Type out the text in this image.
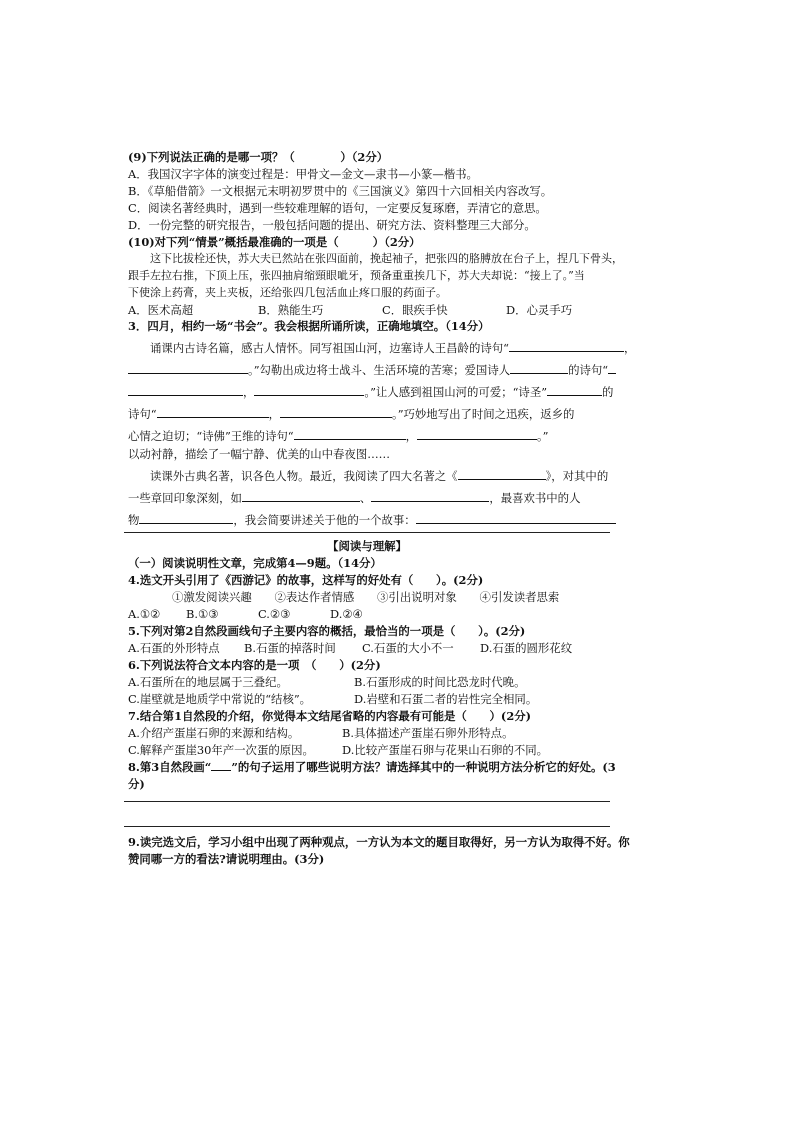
(9)下列说法正确的是哪一项？（　　　　）（2分）
A．我国汉字字体的演变过程是：甲骨文—金文—隶书—小篆—楷书。
B．《草船借箭》一文根据元末明初罗贯中的《三国演义》第四十六回相关内容改写。
C．阅读名著经典时，遇到一些较难理解的语句，一定要反复琢磨，弄清它的意思。
D．一份完整的研究报告，一般包括问题的提出、研究方法、资料整理三大部分。
(10)对下列“情景”概括最准确的一项是（　　　）（2分）
这下比拔栓还快，苏大夫已然站在张四面前，挽起袖子，把张四的胳膊放在台子上，捏几下骨头，
跟手左拉右推，下顶上压，张四抽肩缩頸眼呲牙，预备重重挨几下，苏大夫却说：“接上了。”当
下使涂上药膏，夹上夹板，还给张四几包活血止疼口服的药面子。
A．医术高超	B．熟能生巧	C．眼疾手快	D．心灵手巧
3．四月，相约一场“书会”。我会根据所诵所读，正确地填空。（14分）
诵课内古诗名篇，感古人情怀。同写祖国山河，边塞诗人王昌龄的诗句“	，
。”勾勒出成边将士战斗、生活环境的苦寒；爱国诗人	的诗句“
，	。”让人感到祖国山河的可爱；“诗圣”	的
诗句“	，	。”巧妙地写出了时间之迅疾，返乡的
心情之迫切；“诗佛”王维的诗句“	，	。”
以动衬静，描绘了一幅宁静、优美的山中春夜图……
读课外古典名著，识各色人物。最近，我阅读了四大名著之《	》，对其中的
一些章回印象深刻，如	、	，最喜欢书中的人
物	，我会简要讲述关于他的一个故事：
【阅读与理解】
（一）阅读说明性文章，完成第4—9题。（14分）
4.选文开头引用了《西游记》的故事，这样写的好处有（　　）。(2分)
①激发阅读兴趣　　②表达作者情感　　③引出说明对象　　④引发读者思索
A.①② B.①③	C.②③	D.②④
5.下列对第2自然段画线句子主要内容的概括，最恰当的一项是（　　）。(2分)
A.石蛋的外形特点 B.石蛋的掉落时间 C.石蛋的大小不一 D.石蛋的圆形花纹
6.下列说法符合文本内容的是一项　（　　）(2分)
A.石蛋所在的地层属于三叠纪。	B.石蛋形成的时间比恐龙时代晚。
C.崖壁就是地质学中常说的“结核”。	D.岩壁和石蛋二者的岩性完全相同。
7.结合第1自然段的介绍，你觉得本文结尾省略的内容最有可能是（　　）(2分)
A.介绍产蛋崖石卵的来源和结构。	B.具体描述产蛋崖石卵外形特点。
C.解释产蛋崖30年产一次蛋的原因。 D.比较产蛋崖石卵与花果山石卵的不同。
8.第3自然段画“ ”的句子运用了哪些说明方法？请选择其中的一种说明方法分析它的好处。(3
分)
9.读完选文后，学习小组中出现了两种观点，一方认为本文的题目取得好，另一方认为取得不好。你
赞同哪一方的看法?请说明理由。(3分)
